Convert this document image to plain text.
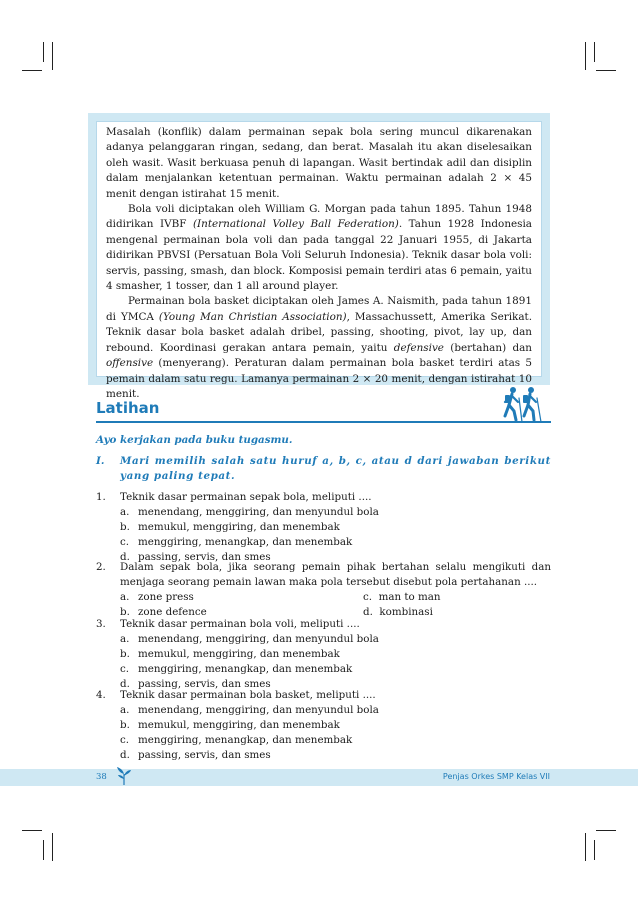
Masalah (konflik) dalam permainan sepak bola sering muncul dikarenakan adanya pelanggaran ringan, sedang, dan berat. Masalah itu akan diselesaikan oleh wasit. Wasit berkuasa penuh di lapangan. Wasit bertindak adil dan disiplin dalam menjalankan ketentuan permainan. Waktu permainan adalah 2 × 45 menit dengan istirahat 15 menit.

Bola voli diciptakan oleh William G. Morgan pada tahun 1895. Tahun 1948 didirikan IVBF (International Volley Ball Federation). Tahun 1928 Indonesia mengenal permainan bola voli dan pada tanggal 22 Januari 1955, di Jakarta didirikan PBVSI (Persatuan Bola Voli Seluruh Indonesia). Teknik dasar bola voli: servis, passing, smash, dan block. Komposisi pemain terdiri atas 6 pemain, yaitu 4 smasher, 1 tosser, dan 1 all around player.

Permainan bola basket diciptakan oleh James A. Naismith, pada tahun 1891 di YMCA (Young Man Christian Association), Massachussett, Amerika Serikat. Teknik dasar bola basket adalah dribel, passing, shooting, pivot, lay up, dan rebound. Koordinasi gerakan antara pemain, yaitu defensive (bertahan) dan offensive (menyerang). Peraturan dalam permainan bola basket terdiri atas 5 pemain dalam satu regu. Lamanya permainan 2 × 20 menit, dengan istirahat 10 menit.

Latihan
Ayo kerjakan pada buku tugasmu.
I. Mari memilih salah satu huruf a, b, c, atau d dari jawaban berikut yang paling tepat.
1. Teknik dasar permainan sepak bola, meliputi ....
a. menendang, menggiring, dan menyundul bola
b. memukul, menggiring, dan menembak
c. menggiring, menangkap, dan menembak
d. passing, servis, dan smes
2. Dalam sepak bola, jika seorang pemain pihak bertahan selalu mengikuti dan menjaga seorang pemain lawan maka pola tersebut disebut pola pertahanan ....
a. zone press	c. man to man
b. zone defence	d. kombinasi
3. Teknik dasar permainan bola voli, meliputi ....
a. menendang, menggiring, dan menyundul bola
b. memukul, menggiring, dan menembak
c. menggiring, menangkap, dan menembak
d. passing, servis, dan smes
4. Teknik dasar permainan bola basket, meliputi ....
a. menendang, menggiring, dan menyundul bola
b. memukul, menggiring, dan menembak
c. menggiring, menangkap, dan menembak
d. passing, servis, dan smes
38	Penjas Orkes SMP Kelas VII
